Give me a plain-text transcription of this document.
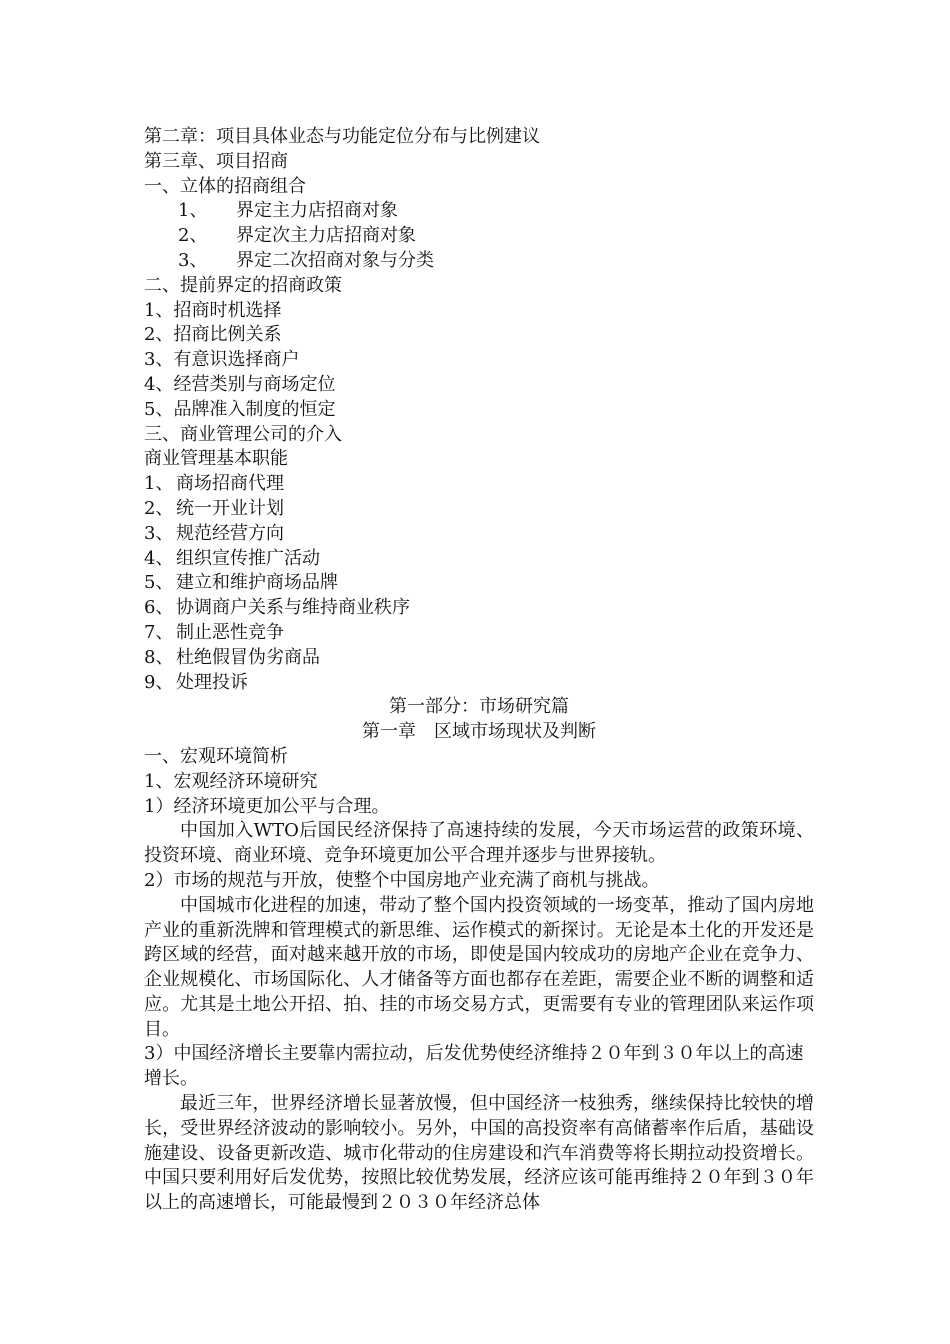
第二章：项目具体业态与功能定位分布与比例建议
第三章、项目招商
一、立体的招商组合
1、 界定主力店招商对象
2、 界定次主力店招商对象
3、 界定二次招商对象与分类
二、提前界定的招商政策
1、招商时机选择
2、招商比例关系
3、有意识选择商户
4、经营类别与商场定位
5、品牌准入制度的恒定
三、商业管理公司的介入
商业管理基本职能
1、 商场招商代理
2、 统一开业计划
3、 规范经营方向
4、 组织宣传推广活动
5、 建立和维护商场品牌
6、 协调商户关系与维持商业秩序
7、 制止恶性竞争
8、 杜绝假冒伪劣商品
9、 处理投诉
第一部分：市场研究篇
第一章　区域市场现状及判断
一、宏观环境简析
1、宏观经济环境研究
1）经济环境更加公平与合理。
中国加入WTO后国民经济保持了高速持续的发展，今天市场运营的政策环境、投资环境、商业环境、竞争环境更加公平合理并逐步与世界接轨。
2）市场的规范与开放，使整个中国房地产业充满了商机与挑战。
中国城市化进程的加速，带动了整个国内投资领域的一场变革，推动了国内房地产业的重新洗牌和管理模式的新思维、运作模式的新探讨。无论是本土化的开发还是跨区域的经营，面对越来越开放的市场，即使是国内较成功的房地产企业在竞争力、企业规模化、市场国际化、人才储备等方面也都存在差距，需要企业不断的调整和适应。尤其是土地公开招、拍、挂的市场交易方式，更需要有专业的管理团队来运作项目。
3）中国经济增长主要靠内需拉动，后发优势使经济维持２０年到３０年以上的高速增长。
最近三年，世界经济增长显著放慢，但中国经济一枝独秀，继续保持比较快的增长，受世界经济波动的影响较小。另外，中国的高投资率有高储蓄率作后盾，基础设施建设、设备更新改造、城市化带动的住房建设和汽车消费等将长期拉动投资增长。中国只要利用好后发优势，按照比较优势发展，经济应该可能再维持２０年到３０年以上的高速增长，可能最慢到２０３０年经济总体
